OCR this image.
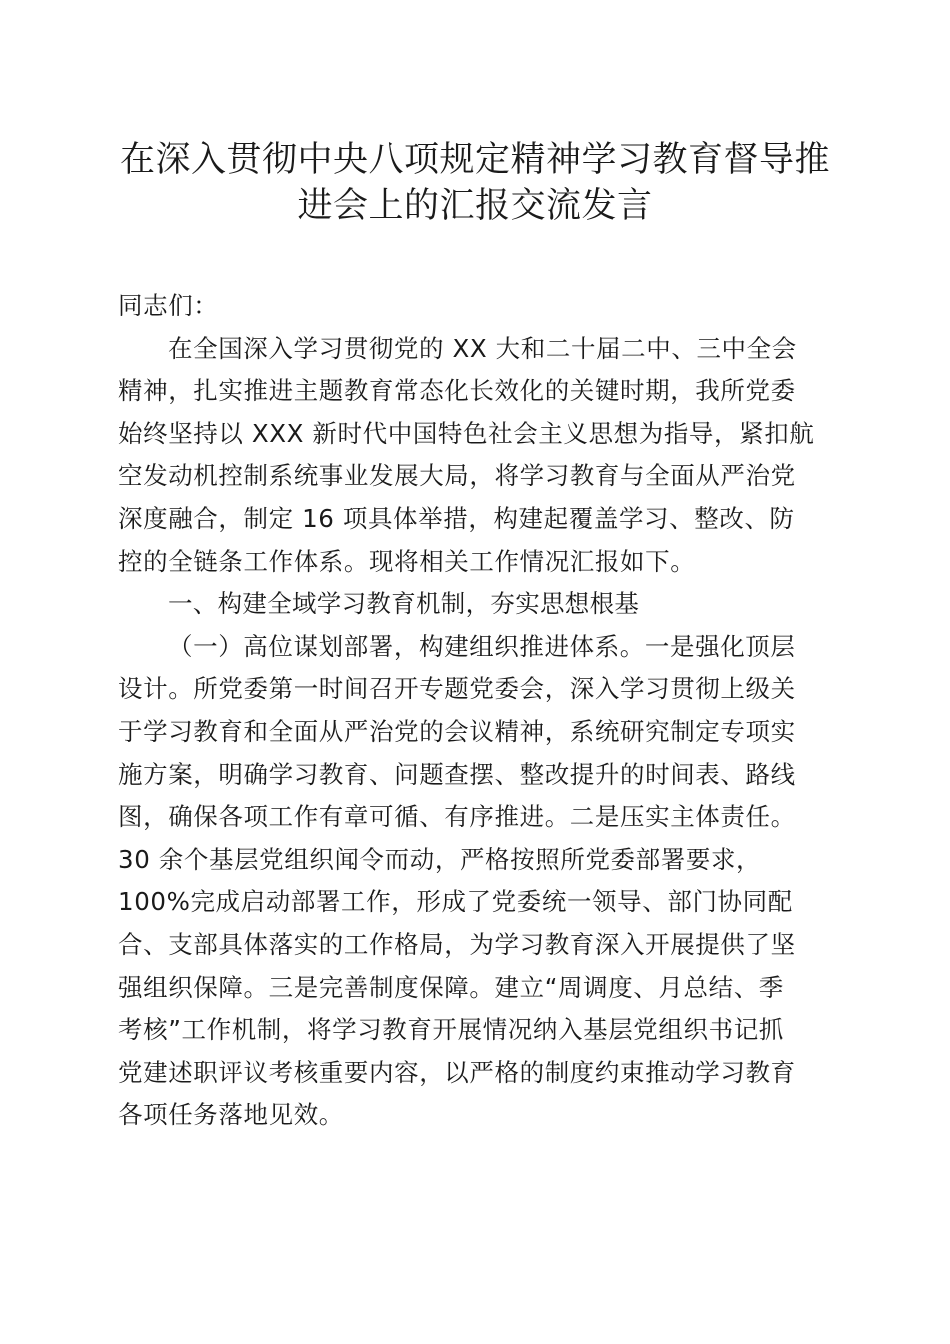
在深入贯彻中央八项规定精神学习教育督导推
进会上的汇报交流发言
同志们：
在全国深入学习贯彻党的 XX 大和二十届二中、三中全会
精神，扎实推进主题教育常态化长效化的关键时期，我所党委
始终坚持以 XXX 新时代中国特色社会主义思想为指导，紧扣航
空发动机控制系统事业发展大局，将学习教育与全面从严治党
深度融合，制定 16 项具体举措，构建起覆盖学习、整改、防
控的全链条工作体系。现将相关工作情况汇报如下。
一、构建全域学习教育机制，夯实思想根基
（一）高位谋划部署，构建组织推进体系。一是强化顶层
设计。所党委第一时间召开专题党委会，深入学习贯彻上级关
于学习教育和全面从严治党的会议精神，系统研究制定专项实
施方案，明确学习教育、问题查摆、整改提升的时间表、路线
图，确保各项工作有章可循、有序推进。二是压实主体责任。
30 余个基层党组织闻令而动，严格按照所党委部署要求，
100%完成启动部署工作，形成了党委统一领导、部门协同配
合、支部具体落实的工作格局，为学习教育深入开展提供了坚
强组织保障。三是完善制度保障。建立“周调度、月总结、季
考核”工作机制，将学习教育开展情况纳入基层党组织书记抓
党建述职评议考核重要内容，以严格的制度约束推动学习教育
各项任务落地见效。
